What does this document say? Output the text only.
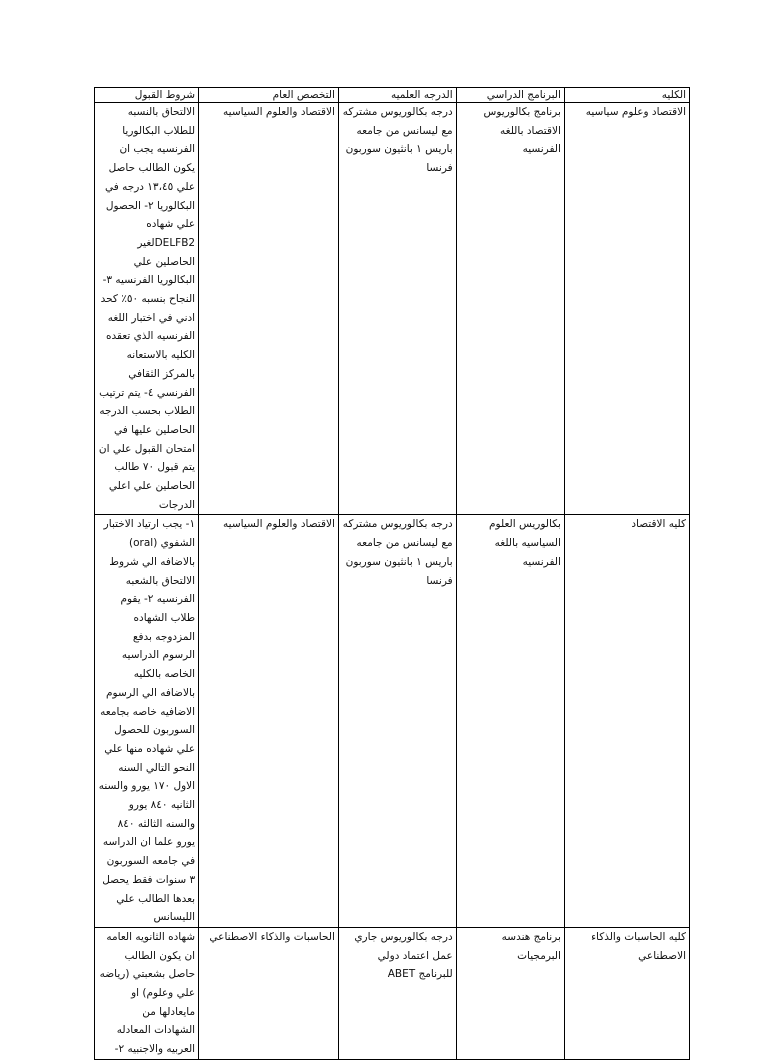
الكليه	البرنامج الدراسي	الدرجه العلميه	التخصص العام	شروط القبول
الاقتصاد وعلوم سياسيه	برنامج بكالوريوس الاقتصاد باللغه الفرنسيه	درجه بكالوريوس مشتركه مع ليسانس من جامعه باريس ١ بانثيون سوربون فرنسا	الاقتصاد والعلوم السياسيه	الالتحاق بالنسبه للطلاب البكالوريا الفرنسيه يجب ان يكون الطالب حاصل علي ١٣،٤٥ درجه في البكالوريا ٢- الحصول علي شهاده DELFB2لغير الحاصلين علي البكالوريا الفرنسيه ٣- النجاح بنسبه ٥٠٪ كحد ادني في اختبار اللغه الفرنسيه الذي تعقده الكليه بالاستعانه بالمركز الثقافي الفرنسي ٤- يتم ترتيب الطلاب بحسب الدرجه الحاصلين عليها في امتحان القبول علي ان يتم قبول ٧٠ طالب الحاصلين علي اعلي الدرجات
كليه الاقتصاد	بكالوريس العلوم السياسيه باللغه الفرنسيه	درجه بكالوريوس مشتركه مع ليسانس من جامعه باريس ١ بانثيون سوربون فرنسا	الاقتصاد والعلوم السياسيه	١- يجب ارتياد الاختبار الشفوي (oral) بالاضافه الي شروط الالتحاق بالشعبه الفرنسيه ٢- يقوم طلاب الشهاده المزدوجه بدفع الرسوم الدراسيه الخاصه بالكليه بالاضافه الي الرسوم الاضافيه خاصه بجامعه السوربون للحصول علي شهاده منها علي النحو التالي السنه الاول ١٧٠ يورو والسنه الثانيه ٨٤٠ يورو والسنه الثالثه ٨٤٠ يورو علما ان الدراسه في جامعه السوربون ٣ سنوات فقط يحصل بعدها الطالب علي الليسانس
كليه الحاسبات والذكاء الاصطناعي	برنامج هندسه البرمجيات	درجه بكالوريوس جاري عمل اعتماد دولي للبرنامج ABET	الحاسبات والذكاء الاصطناعي	شهاده الثانويه العامه ان يكون الطالب حاصل بشعبتي (رياضه علي وعلوم) او مايعادلها من الشهادات المعادله العربيه والاجنبيه ٢-
